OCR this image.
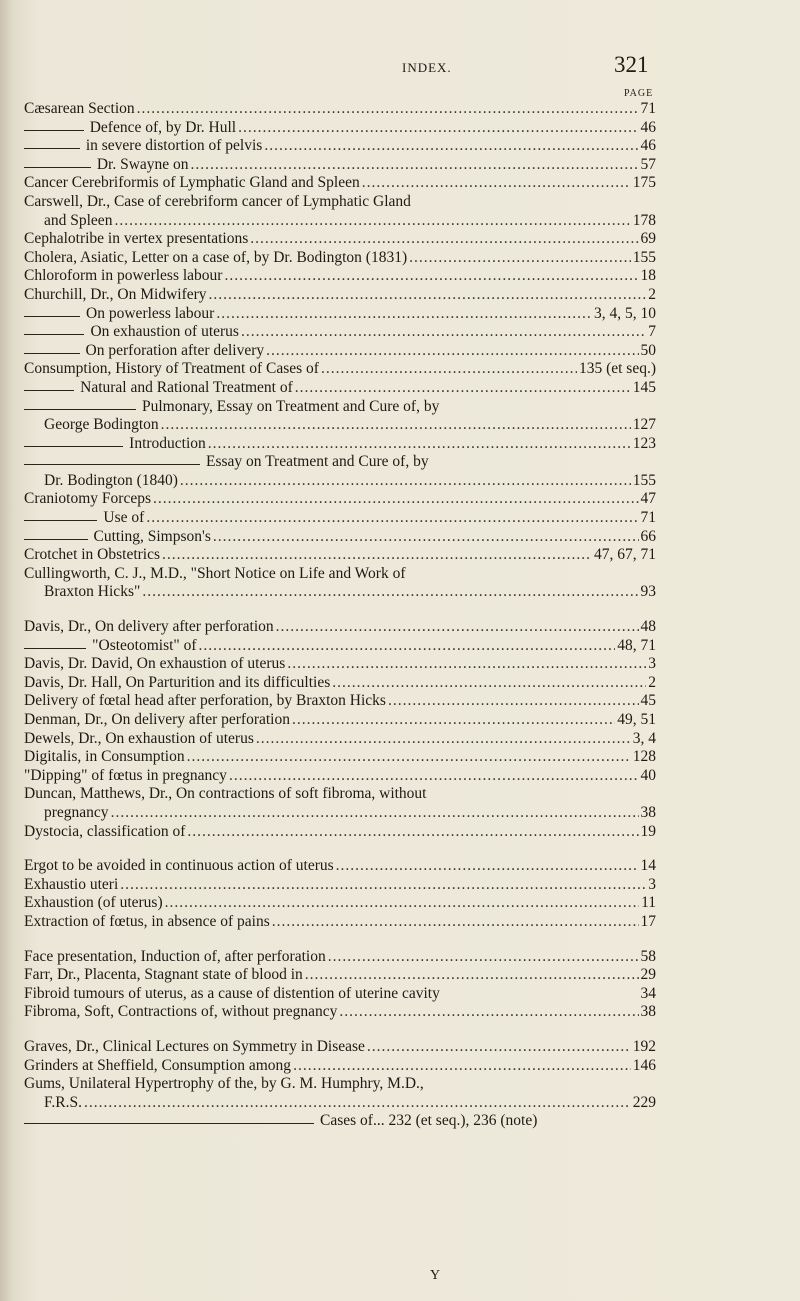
INDEX.	321
PAGE
Cæsarean Section .....	71
Defence of, by Dr. Hull .....	46
in severe distortion of pelvis .....	46
Dr. Swayne on .....	57
Cancer Cerebriformis of Lymphatic Gland and Spleen .....	175
Carswell, Dr., Case of cerebriform cancer of Lymphatic Gland
and Spleen .....	178
Cephalotribe in vertex presentations .....	69
Cholera, Asiatic, Letter on a case of, by Dr. Bodington (1831) .....	155
Chloroform in powerless labour .....	18
Churchill, Dr., On Midwifery .....	2
On powerless labour .....	3, 4, 5, 10
On exhaustion of uterus .....	7
On perforation after delivery .....	50
Consumption, History of Treatment of Cases of .....	135 (et seq.)
Natural and Rational Treatment of .....	145
Pulmonary, Essay on Treatment and Cure of, by
George Bodington .....	127
Introduction .....	123
Essay on Treatment and Cure of, by
Dr. Bodington (1840) .....	155
Craniotomy Forceps .....	47
Use of .....	71
Cutting, Simpson's .....	66
Crotchet in Obstetrics .....	47, 67, 71
Cullingworth, C. J., M.D., "Short Notice on Life and Work of
Braxton Hicks" .....	93
Davis, Dr., On delivery after perforation .....	48
"Osteotomist" of .....	48, 71
Davis, Dr. David, On exhaustion of uterus .....	3
Davis, Dr. Hall, On Parturition and its difficulties .....	2
Delivery of fœtal head after perforation, by Braxton Hicks .....	45
Denman, Dr., On delivery after perforation .....	49, 51
Dewels, Dr., On exhaustion of uterus .....	3, 4
Digitalis, in Consumption .....	128
"Dipping" of fœtus in pregnancy .....	40
Duncan, Matthews, Dr., On contractions of soft fibroma, without
pregnancy .....	38
Dystocia, classification of .....	19
Ergot to be avoided in continuous action of uterus .....	14
Exhaustio uteri .....	3
Exhaustion (of uterus) .....	11
Extraction of fœtus, in absence of pains .....	17
Face presentation, Induction of, after perforation .....	58
Farr, Dr., Placenta, Stagnant state of blood in .....	29
Fibroid tumours of uterus, as a cause of distention of uterine cavity	34
Fibroma, Soft, Contractions of, without pregnancy .....	38
Graves, Dr., Clinical Lectures on Symmetry in Disease .....	192
Grinders at Sheffield, Consumption among .....	146
Gums, Unilateral Hypertrophy of the, by G. M. Humphry, M.D.,
F.R.S. .....	229
Cases of... 232 (et seq.), 236 (note)
Y
